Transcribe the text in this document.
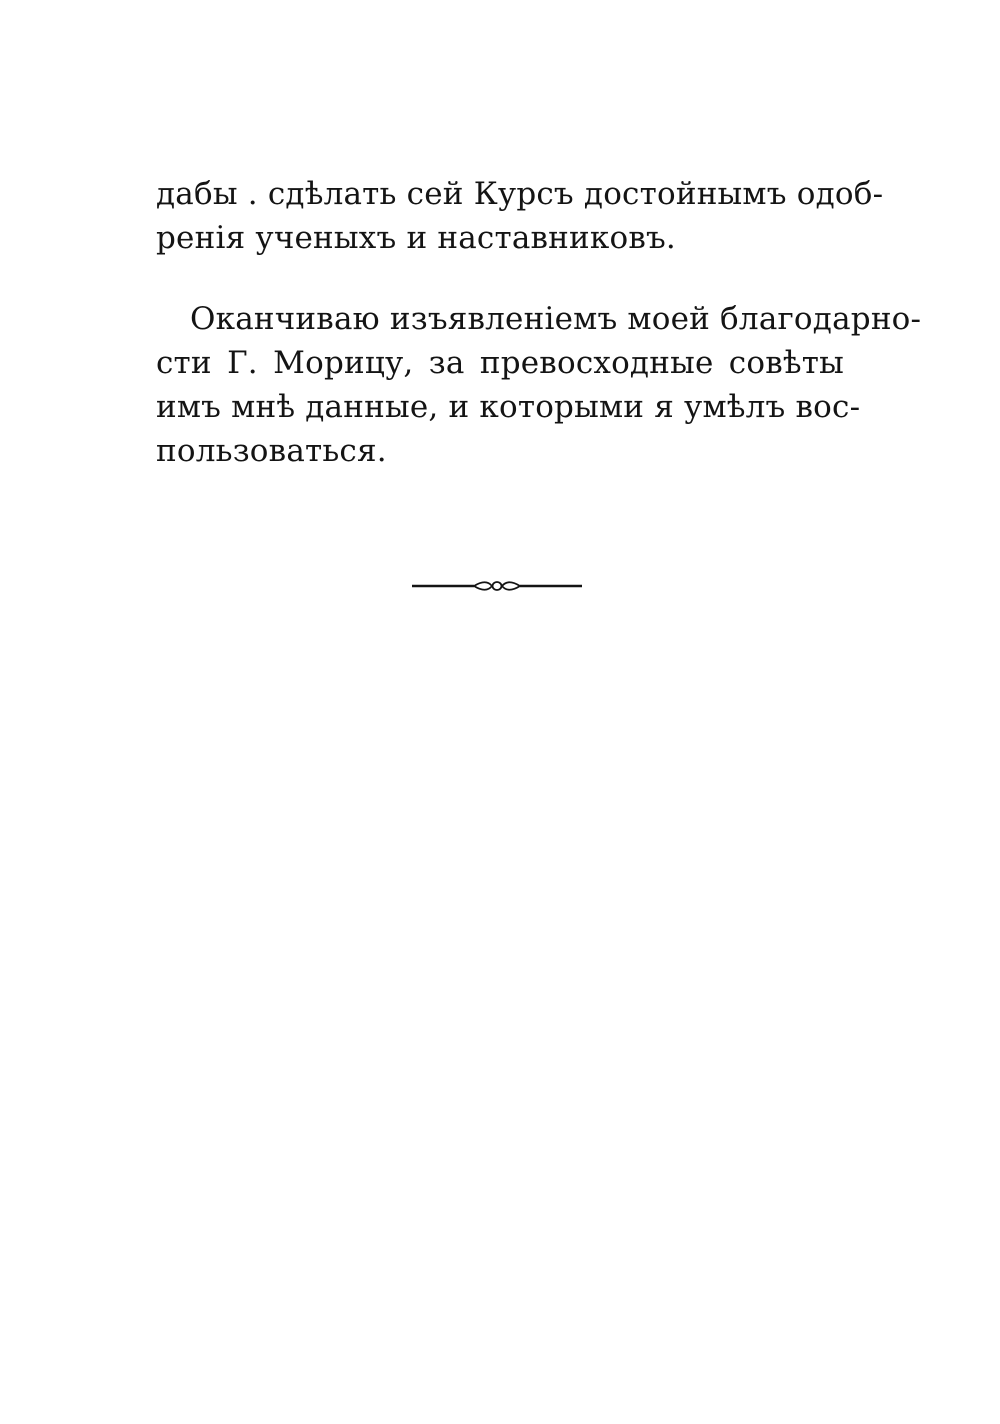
дабы . сдѣлать сей Курсъ достойнымъ одоб-
ренія ученыхъ и наставниковъ.
Оканчиваю изъявленіемъ моей благодарно-
сти Г. Морицу, за превосходные совѣты
имъ мнѣ данные, и которыми я умѣлъ вос-
пользоваться.
